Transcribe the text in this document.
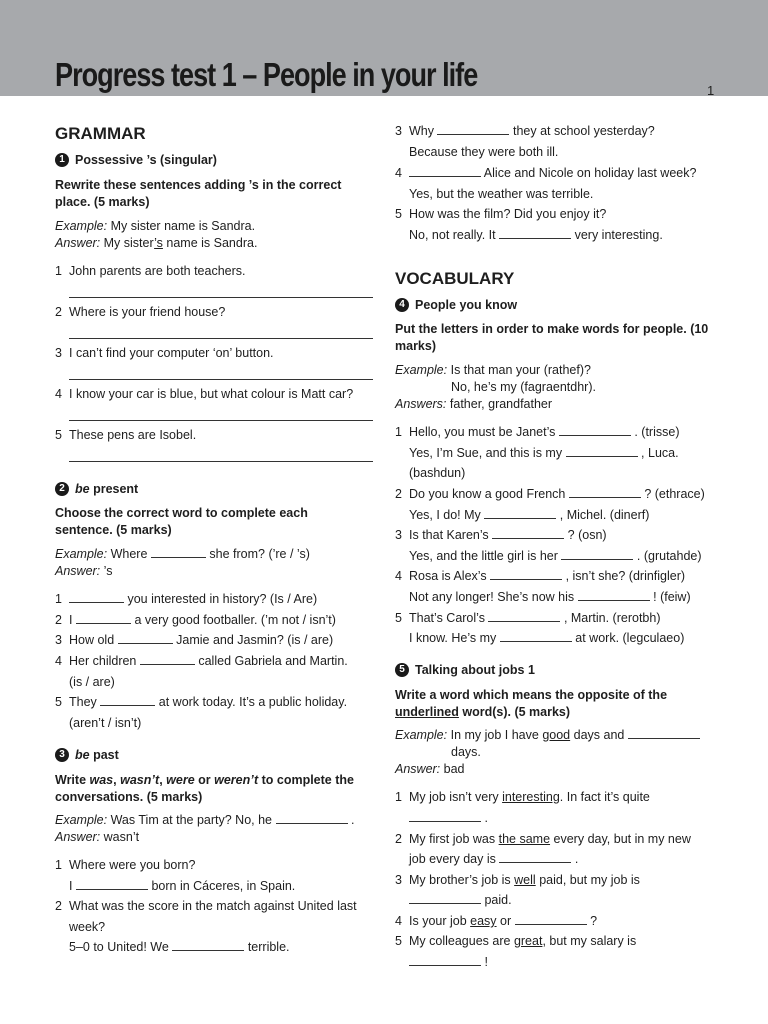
Progress test 1 – People in your life	1
GRAMMAR
1 Possessive ’s (singular)
Rewrite these sentences adding ’s in the correct place. (5 marks)
Example: My sister name is Sandra.
Answer: My sister’s name is Sandra.
1 John parents are both teachers.
2 Where is your friend house?
3 I can’t find your computer ‘on’ button.
4 I know your car is blue, but what colour is Matt car?
5 These pens are Isobel.
2 be present
Choose the correct word to complete each sentence. (5 marks)
Example: Where	she from? (’re / ’s)
Answer: ’s
1	you interested in history? (Is / Are)
2 I	a very good footballer. (’m not / isn’t)
3 How old	Jamie and Jasmin? (is / are)
4 Her children	called Gabriela and Martin.
(is / are)
5 They	at work today. It’s a public holiday.
(aren’t / isn’t)
3 be past
Write was, wasn’t, were or weren’t to complete the conversations. (5 marks)
Example: Was Tim at the party? No, he	.
Answer: wasn’t
1 Where were you born?
I	born in Cáceres, in Spain.
2 What was the score in the match against United last
week?
5–0 to United! We	terrible.
3 Why	they at school yesterday?
Because they were both ill.
4	Alice and Nicole on holiday last week?
Yes, but the weather was terrible.
5 How was the film? Did you enjoy it?
No, not really. It	very interesting.
VOCABULARY
4 People you know
Put the letters in order to make words for people. (10 marks)
Example: Is that man your (rathef)?
No, he’s my (fagraentdhr).
Answers: father, grandfather
1 Hello, you must be Janet’s	. (trisse)
Yes, I’m Sue, and this is my	, Luca.
(bashdun)
2 Do you know a good French	? (ethrace)
Yes, I do! My	, Michel. (dinerf)
3 Is that Karen’s	? (osn)
Yes, and the little girl is her	. (grutahde)
4 Rosa is Alex’s	, isn’t she? (drinfigler)
Not any longer! She’s now his	! (feiw)
5 That’s Carol’s	, Martin. (rerotbh)
I know. He’s my	at work. (legculaeo)
5 Talking about jobs 1
Write a word which means the opposite of the
underlined word(s). (5 marks)
Example: In my job I have good days and
days.
Answer: bad
1 My job isn’t very interesting. In fact it’s quite
.
2 My first job was the same every day, but in my new
job every day is	.
3 My brother’s job is well paid, but my job is
paid.
4 Is your job easy or	?
5 My colleagues are great, but my salary is
!
